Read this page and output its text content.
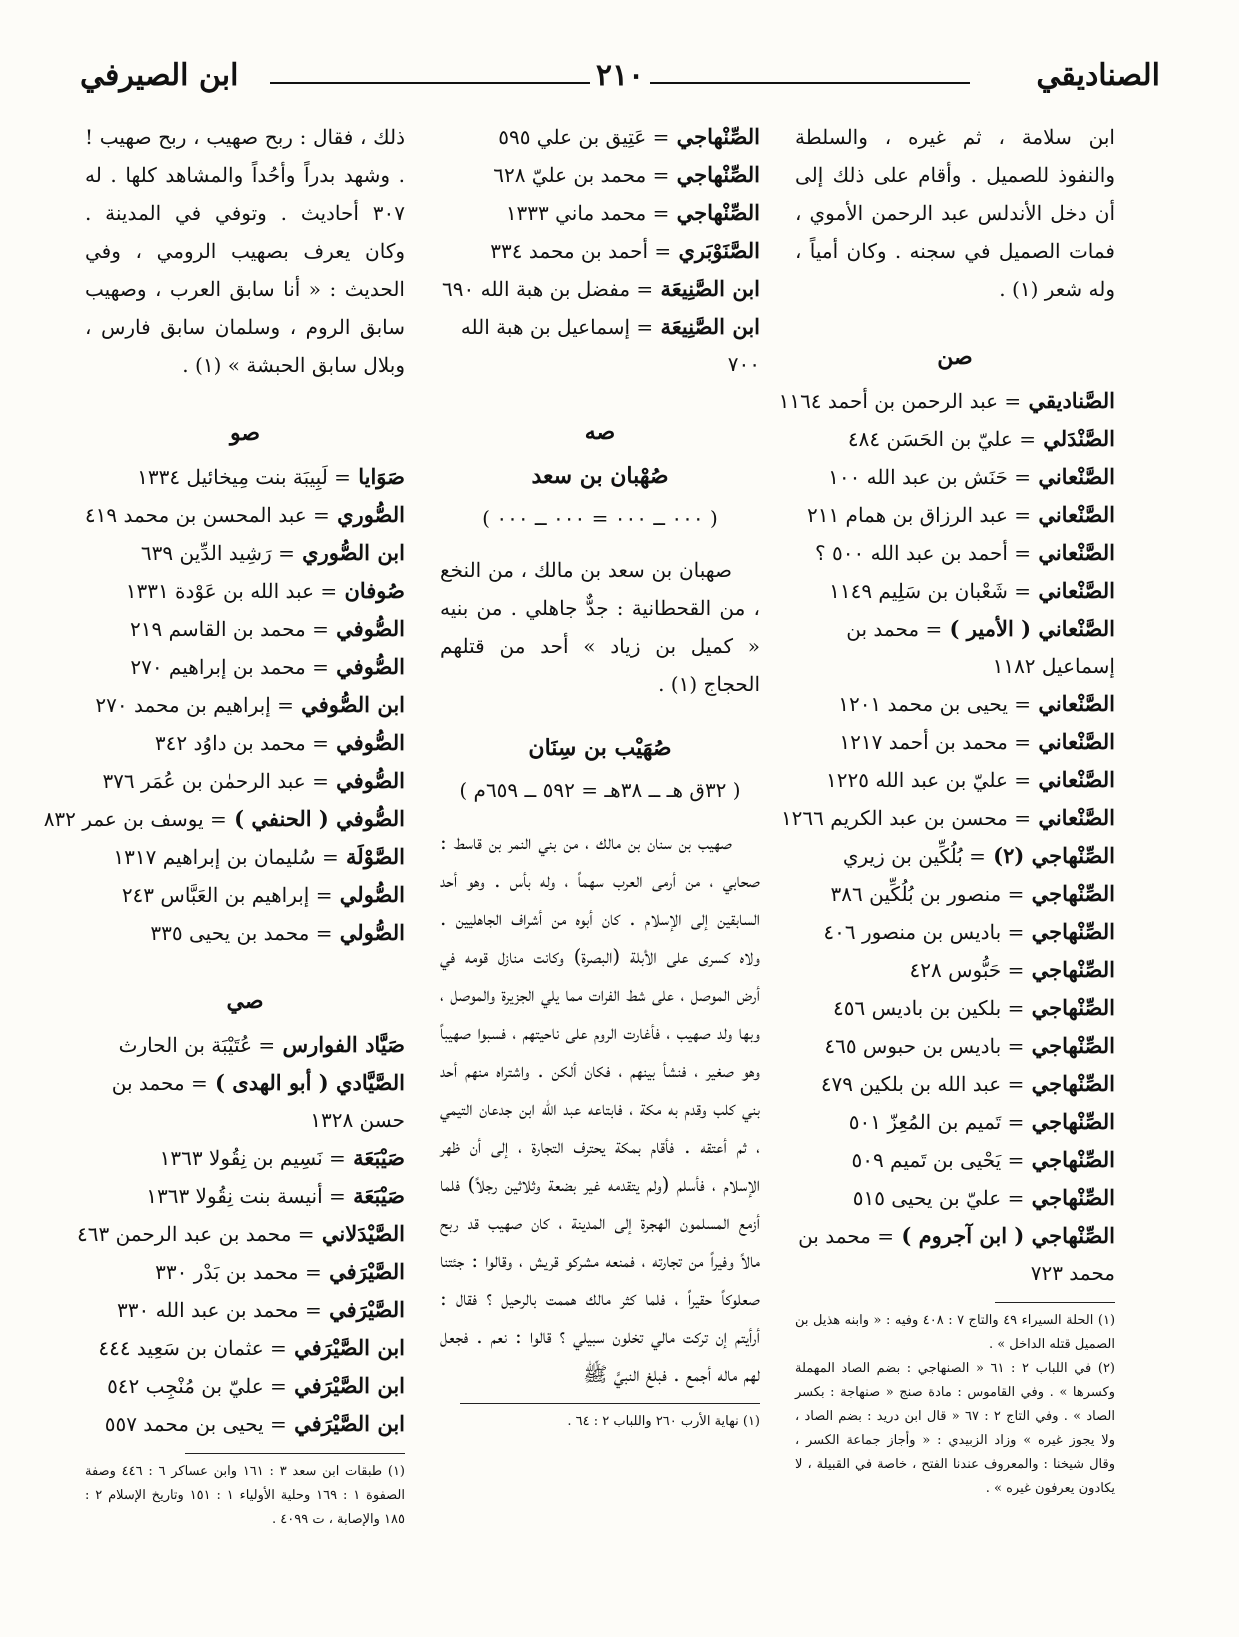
الصناديقي
٢١٠
ابن الصيرفي

ابن سلامة ، ثم غيره ، والسلطة والنفوذ للصميل . وأقام على ذلك إلى أن دخل الأندلس عبد الرحمن الأموي ، فمات الصميل في سجنه . وكان أمياً ، وله شعر (١) .

صن

الصَّناديقي = عبد الرحمن بن أحمد ١١٦٤

الصَّنْدَلي = عليّ بن الحَسَن ٤٨٤

الصَّنْعاني = حَنَش بن عبد الله ١٠٠

الصَّنْعاني = عبد الرزاق بن همام ٢١١

الصَّنْعاني = أحمد بن عبد الله ٥٠٠ ؟

الصَّنْعاني = شَعْبان بن سَلِيم ١١٤٩

الصَّنْعاني ( الأمير ) = محمد بن إسماعيل ١١٨٢

الصَّنْعاني = يحيى بن محمد ١٢٠١

الصَّنْعاني = محمد بن أحمد ١٢١٧

الصَّنْعاني = عليّ بن عبد الله ١٢٢٥

الصَّنْعاني = محسن بن عبد الكريم ١٢٦٦

الصِّنْهاجي (٢) = بُلُكِّين بن زيري

الصِّنْهاجي = منصور بن بُلُكِّين ٣٨٦

الصِّنْهاجي = باديس بن منصور ٤٠٦

الصِّنْهاجي = حَبُّوس ٤٢٨

الصِّنْهاجي = بلكين بن باديس ٤٥٦

الصِّنْهاجي = باديس بن حبوس ٤٦٥

الصِّنْهاجي = عبد الله بن بلكين ٤٧٩

الصِّنْهاجي = تَميم بن المُعِزّ ٥٠١

الصِّنْهاجي = يَحْيى بن تَميم ٥٠٩

الصِّنْهاجي = عليّ بن يحيى ٥١٥

الصِّنْهاجي ( ابن آجروم ) = محمد بن محمد ٧٢٣

(١) الحلة السيراء ٤٩ والتاج ٧ : ٤٠٨ وفيه : « وابنه هذيل بن الصميل قتله الداخل » .

(٢) في اللباب ٢ : ٦١ « الصنهاجي : بضم الصاد المهملة وكسرها » . وفي القاموس : مادة صنج « صنهاجة : بكسر الصاد » . وفي التاج ٢ : ٦٧ « قال ابن دريد : بضم الصاد ، ولا يجوز غيره » وزاد الزبيدي : « وأجاز جماعة الكسر ، وقال شيخنا : والمعروف عندنا الفتح ، خاصة في القبيلة ، لا يكادون يعرفون غيره » .

الصِّنْهاجي = عَتِيق بن علي ٥٩٥

الصِّنْهاجي = محمد بن عليّ ٦٢٨

الصِّنْهاجي = محمد ماني ١٣٣٣

الصَّنَوْبَري = أحمد بن محمد ٣٣٤

ابن الصَّنِيعَة = مفضل بن هبة الله ٦٩٠

ابن الصَّنِيعَة = إسماعيل بن هبة الله ٧٠٠

صه
صُهْبان بن سعد
( ٠٠٠ ــ ٠٠٠ = ٠٠٠ ــ ٠٠٠ )

صهبان بن سعد بن مالك ، من النخع ، من القحطانية : جدٌّ جاهلي . من بنيه « كميل بن زياد » أحد من قتلهم الحجاج (١) .

صُهَيْب بن سِنَان
( ٣٢ق هـ ــ ٣٨هـ = ٥٩٢ ــ ٦٥٩م )

صهيب بن سنان بن مالك ، من بني النمر بن قاسط : صحابي ، من أرمى العرب سهماً ، وله بأس . وهو أحد السابقين إلى الإسلام . كان أبوه من أشراف الجاهليين . ولاه كسرى على الأبلة (البصرة) وكانت منازل قومه في أرض الموصل ، على شط الفرات مما يلي الجزيرة والموصل ، وبها ولد صهيب ، فأغارت الروم على ناحيتهم ، فسبوا صهيباً وهو صغير ، فنشأ بينهم ، فكان ألكن . واشتراه منهم أحد بني كلب وقدم به مكة ، فابتاعه عبد الله ابن جدعان التيمي ، ثم أعتقه . فأقام بمكة يحترف التجارة ، إلى أن ظهر الإسلام ، فأسلم (ولم يتقدمه غير بضعة وثلاثين رجلاً) فلما أزمع المسلمون الهجرة إلى المدينة ، كان صهيب قد ربح مالاً وفيراً من تجارته ، فمنعه مشركو قريش ، وقالوا : جئتنا صعلوكاً حقيراً ، فلما كثر مالك هممت بالرحيل ؟ فقال : أرأيتم إن تركت مالي تخلون سبيلي ؟ قالوا : نعم . فجعل لهم ماله أجمع . فبلغ النبيَّ ﷺ

(١) نهاية الأرب ٢٦٠ واللباب ٢ : ٦٤ .

ذلك ، فقال : ربح صهيب ، ربح صهيب ! . وشهد بدراً وأحُداً والمشاهد كلها . له ٣٠٧ أحاديث . وتوفي في المدينة . وكان يعرف بصهيب الرومي ، وفي الحديث : « أنا سابق العرب ، وصهيب سابق الروم ، وسلمان سابق فارس ، وبلال سابق الحبشة » (١) .

صو

صَوَايا = لَبِيبَة بنت مِيخائيل ١٣٣٤

الصُّوري = عبد المحسن بن محمد ٤١٩

ابن الصُّوري = رَشِيد الدِّين ٦٣٩

صُوفان = عبد الله بن عَوْدة ١٣٣١

الصُّوفي = محمد بن القاسم ٢١٩

الصُّوفي = محمد بن إبراهيم ٢٧٠

ابن الصُّوفي = إبراهيم بن محمد ٢٧٠

الصُّوفي = محمد بن داوُد ٣٤٢

الصُّوفي = عبد الرحمٰن بن عُمَر ٣٧٦

الصُّوفي ( الحنفي ) = يوسف بن عمر ٨٣٢

الصَّوْلَة = سُليمان بن إبراهيم ١٣١٧

الصُّولي = إبراهيم بن العَبَّاس ٢٤٣

الصُّولي = محمد بن يحيى ٣٣٥

صي

صَيَّاد الفوارس = عُتَيْبَة بن الحارث

الصَّيَّادي ( أبو الهدى ) = محمد بن حسن ١٣٢٨

صَيْبَعَة = نَسِيم بن نِقُولا ١٣٦٣

صَيْبَعَة = أنيسة بنت نِقُولا ١٣٦٣

الصَّيْدَلاني = محمد بن عبد الرحمن ٤٦٣

الصَّيْرَفي = محمد بن بَدْر ٣٣٠

الصَّيْرَفي = محمد بن عبد الله ٣٣٠

ابن الصَّيْرَفي = عثمان بن سَعِيد ٤٤٤

ابن الصَّيْرَفي = عليّ بن مُنْجِب ٥٤٢

ابن الصَّيْرَفي = يحيى بن محمد ٥٥٧

(١) طبقات ابن سعد ٣ : ١٦١ وابن عساكر ٦ : ٤٤٦ وصفة الصفوة ١ : ١٦٩ وحلية الأولياء ١ : ١٥١ وتاريخ الإسلام ٢ : ١٨٥ والإصابة ، ت ٤٠٩٩ .
